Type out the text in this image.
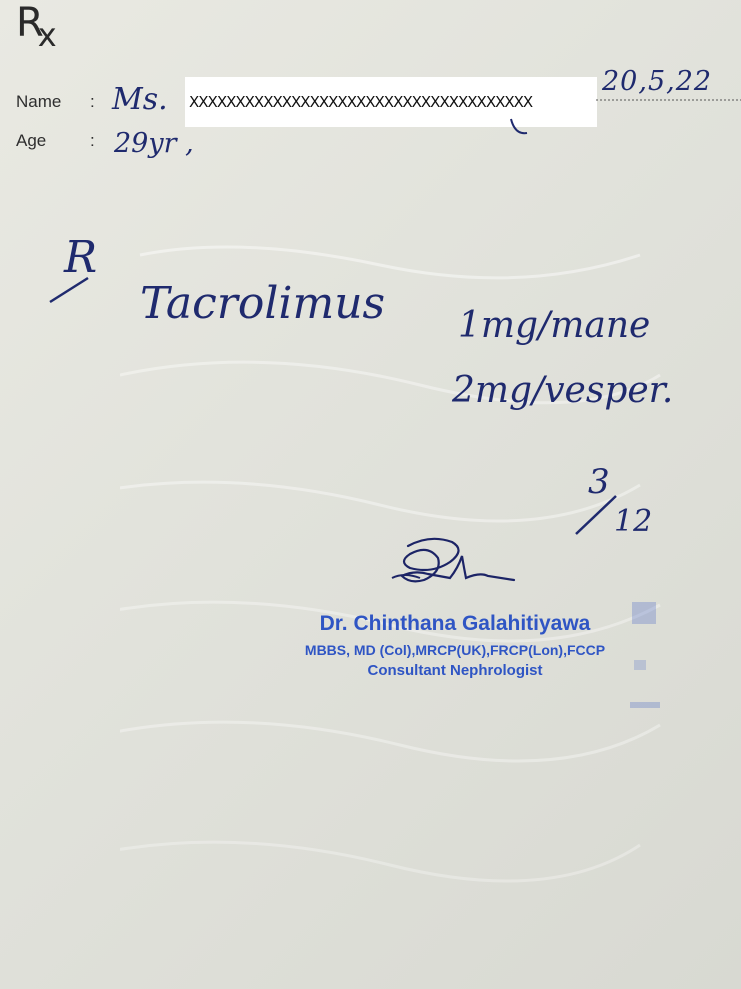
$R_x$
Name : Ms. XXXXXXXXXXXXXXXXXXXXXXXXXXXXXXXXXXXXX
20,5,22
Age	: 29yr ,
R
Tacrolimus 1mg/mane
2mg/vesper.
3
12
Dr. Chinthana Galahitiyawa
MBBS, MD (Col),MRCP(UK),FRCP(Lon),FCCP
Consultant Nephrologist
